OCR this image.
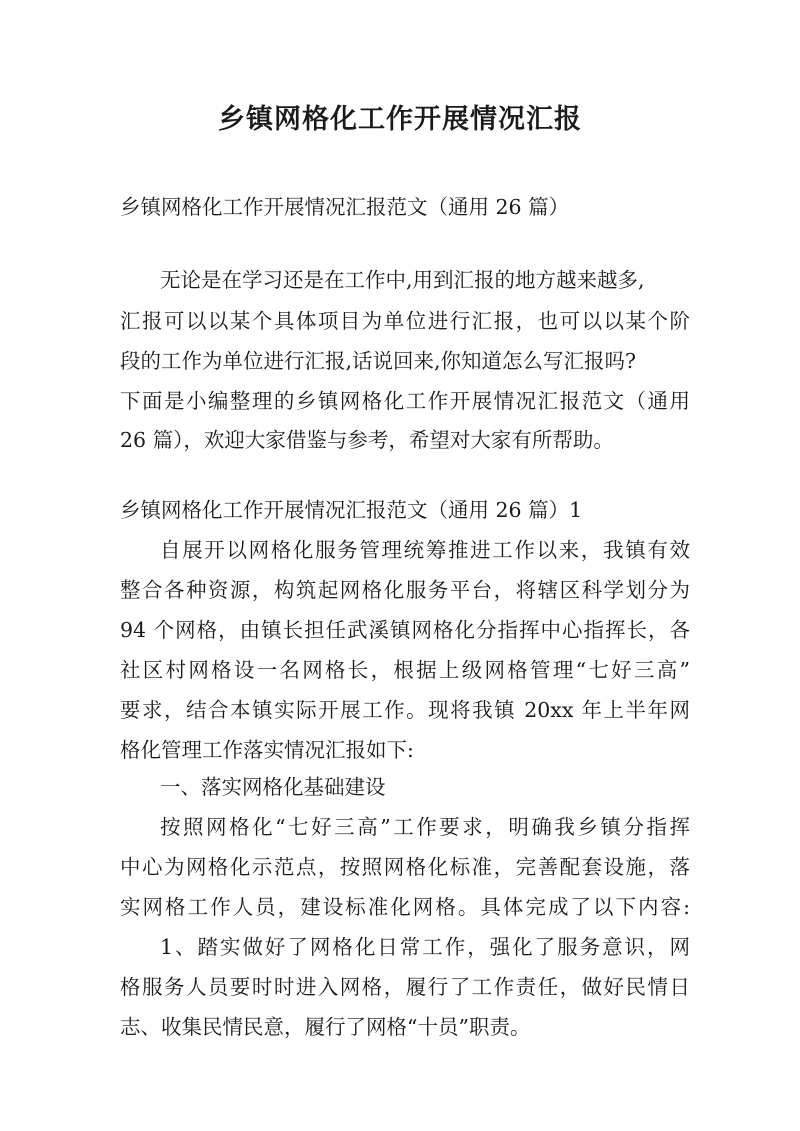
乡镇网格化工作开展情况汇报

乡镇网格化工作开展情况汇报范文（通用 26 篇）

无论是在学习还是在工作中,用到汇报的地方越来越多,

汇报可以以某个具体项目为单位进行汇报，也可以以某个阶

段的工作为单位进行汇报,话说回来,你知道怎么写汇报吗?

下面是小编整理的乡镇网格化工作开展情况汇报范文（通用

26 篇），欢迎大家借鉴与参考，希望对大家有所帮助。

乡镇网格化工作开展情况汇报范文（通用 26 篇）1

自展开以网格化服务管理统筹推进工作以来，我镇有效

整合各种资源，构筑起网格化服务平台，将辖区科学划分为

94 个网格，由镇长担任武溪镇网格化分指挥中心指挥长，各

社区村网格设一名网格长，根据上级网格管理“七好三高”

要求，结合本镇实际开展工作。现将我镇 20xx 年上半年网

格化管理工作落实情况汇报如下:

一、落实网格化基础建设

按照网格化“七好三高”工作要求，明确我乡镇分指挥

中心为网格化示范点，按照网格化标准，完善配套设施，落

实网格工作人员，建设标准化网格。具体完成了以下内容:

1、踏实做好了网格化日常工作，强化了服务意识，网

格服务人员要时时进入网格，履行了工作责任，做好民情日

志、收集民情民意，履行了网格“十员”职责。
